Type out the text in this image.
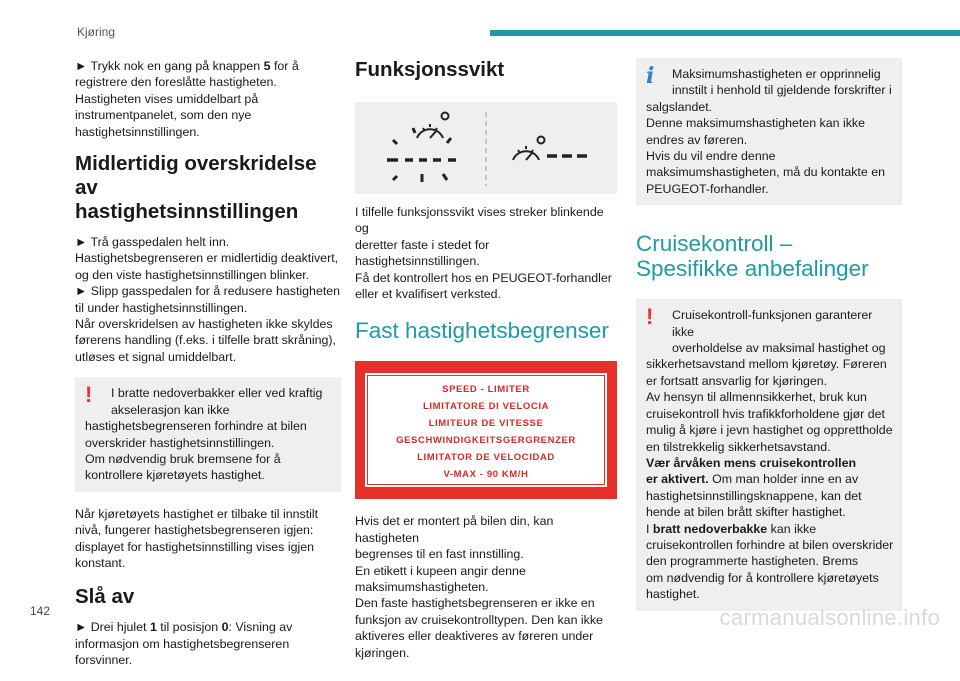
Kjøring

► Trykk nok en gang på knappen 5 for å

registrere den foreslåtte hastigheten.

Hastigheten vises umiddelbart på

instrumentpanelet, som den nye

hastighetsinnstillingen.

Midlertidig overskridelse av
hastighetsinnstillingen

► Trå gasspedalen helt inn.

Hastighetsbegrenseren er midlertidig deaktivert,

og den viste hastighetsinnstillingen blinker.

► Slipp gasspedalen for å redusere hastigheten

til under hastighetsinnstillingen.

Når overskridelsen av hastigheten ikke skyldes

førerens handling (f.eks. i tilfelle bratt skråning),

utløses et signal umiddelbart.

!	I bratte nedoverbakker eller ved kraftig

akselerasjon kan ikke

hastighetsbegrenseren forhindre at bilen

overskrider hastighetsinnstillingen.

Om nødvendig bruk bremsene for å

kontrollere kjøretøyets hastighet.

Når kjøretøyets hastighet er tilbake til innstilt

nivå, fungerer hastighetsbegrenseren igjen:

displayet for hastighetsinnstilling vises igjen

konstant.

Slå av

► Drei hjulet 1 til posisjon 0: Visning av

informasjon om hastighetsbegrenseren

forsvinner.

Funksjonssvikt

I tilfelle funksjonssvikt vises streker blinkende og

deretter faste i stedet for hastighetsinnstillingen.

Få det kontrollert hos en PEUGEOT-forhandler

eller et kvalifisert verksted.

Fast hastighetsbegrenser
SPEED - LIMITER
LIMITATORE DI VELOCIA
LIMITEUR DE VITESSE
GESCHWINDIGKEITSGERGRENZER
LIMITATOR DE VELOCIDAD
V-MAX - 90 KM/H

Hvis det er montert på bilen din, kan hastigheten

begrenses til en fast innstilling.

En etikett i kupeen angir denne

maksimumshastigheten.

Den faste hastighetsbegrenseren er ikke en

funksjon av cruisekontrolltypen. Den kan ikke

aktiveres eller deaktiveres av føreren under

kjøringen.

i	Maksimumshastigheten er opprinnelig

innstilt i henhold til gjeldende forskrifter i

salgslandet.

Denne maksimumshastigheten kan ikke

endres av føreren.

Hvis du vil endre denne

maksimumshastigheten, må du kontakte en

PEUGEOT-forhandler.

Cruisekontroll –
Spesifikke anbefalinger
!	Cruisekontroll-funksjonen garanterer ikke

overholdelse av maksimal hastighet og

sikkerhetsavstand mellom kjøretøy. Føreren

er fortsatt ansvarlig for kjøringen.

Av hensyn til allmennsikkerhet, bruk kun

cruisekontroll hvis trafikkforholdene gjør det

mulig å kjøre i jevn hastighet og opprettholde

en tilstrekkelig sikkerhetsavstand.

Vær årvåken mens cruisekontrollen

er aktivert. Om man holder inne en av

hastighetsinnstillingsknappene, kan det

hende at bilen brått skifter hastighet.

I bratt nedoverbakke kan ikke

cruisekontrollen forhindre at bilen overskrider

den programmerte hastigheten. Brems

om nødvendig for å kontrollere kjøretøyets

hastighet.

142	carmanualsonline.info
